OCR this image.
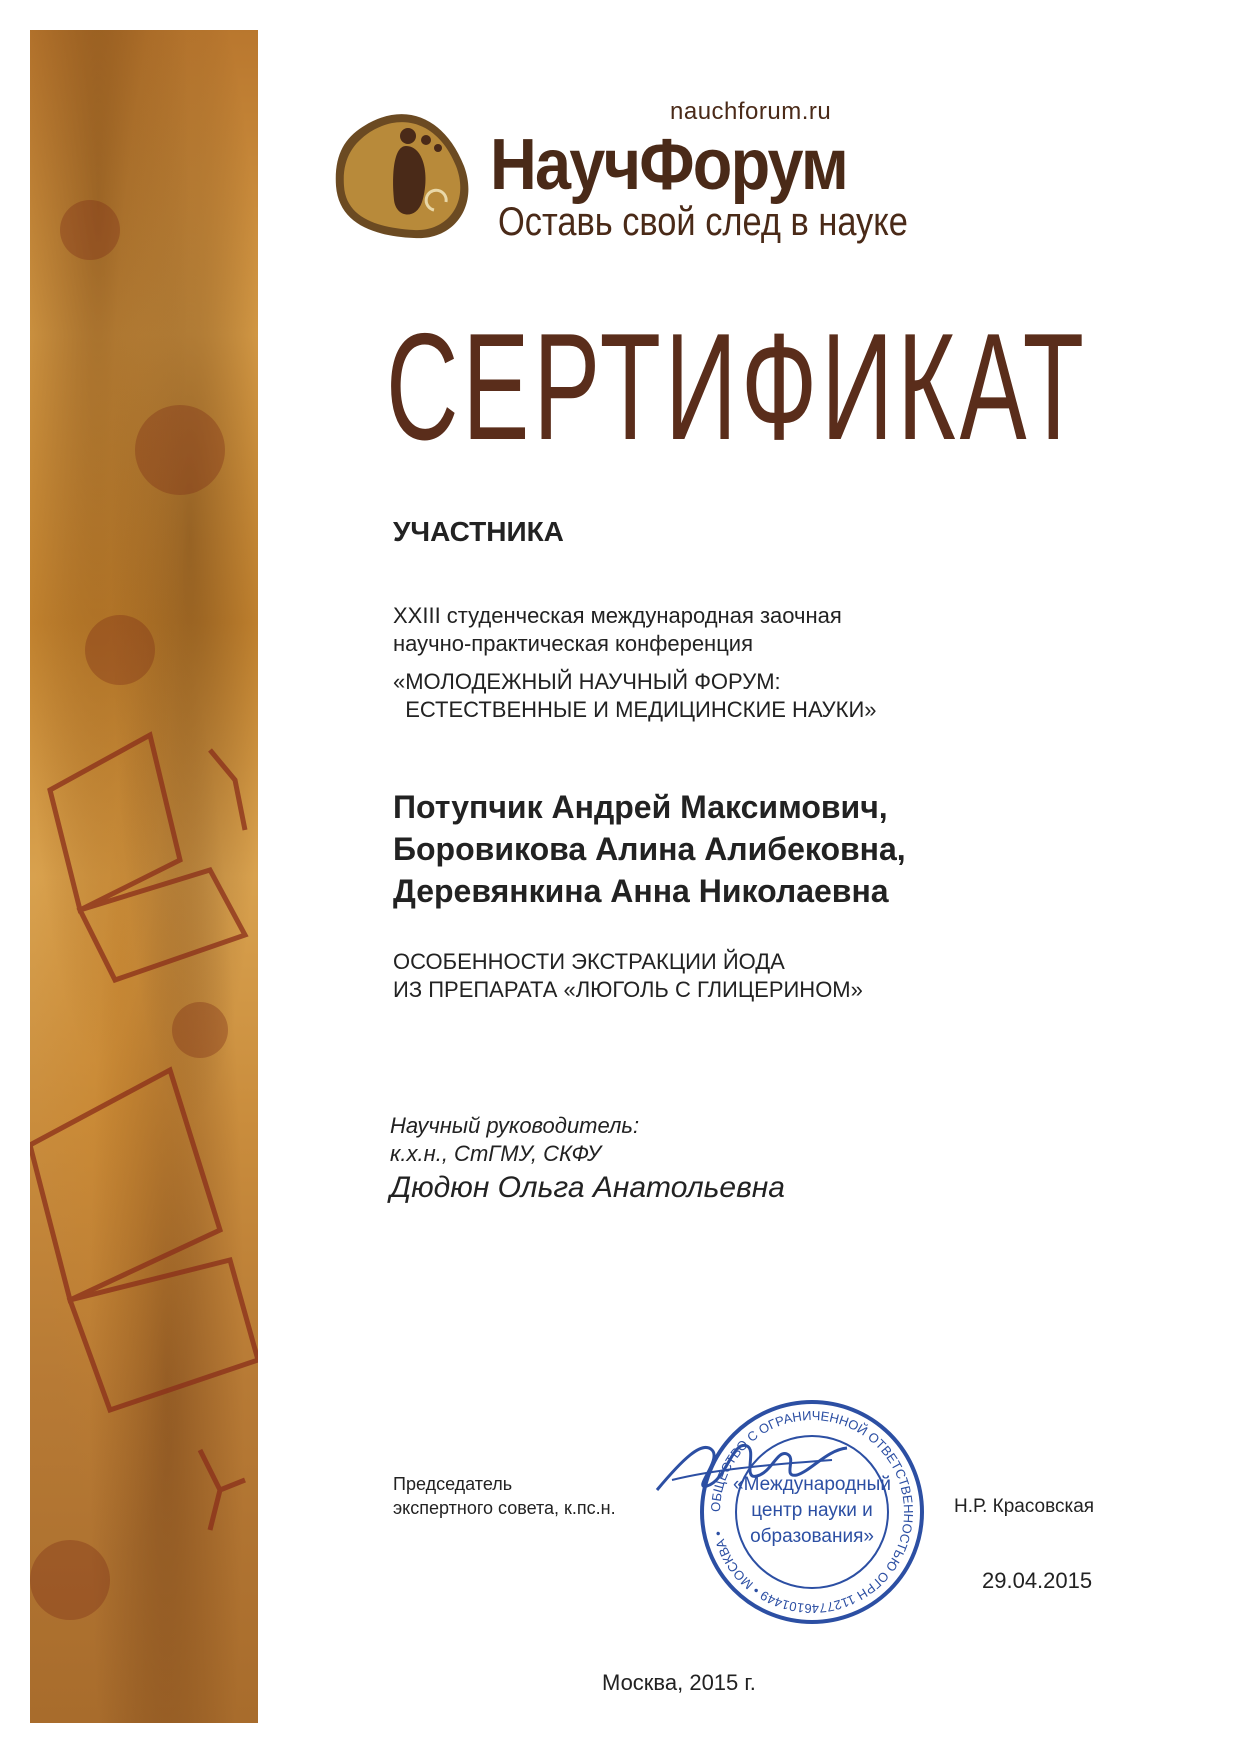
nauchforum.ru
НаучФорум
Оставь свой след в науке
СЕРТИФИКАТ
УЧАСТНИКА
XXIII студенческая международная заочная
научно-практическая конференция
«МОЛОДЕЖНЫЙ НАУЧНЫЙ ФОРУМ:
ЕСТЕСТВЕННЫЕ И МЕДИЦИНСКИЕ НАУКИ»
Потупчик Андрей Максимович,
Боровикова Алина Алибековна,
Деревянкина Анна Николаевна
ОСОБЕННОСТИ ЭКСТРАКЦИИ ЙОДА
ИЗ ПРЕПАРАТА «ЛЮГОЛЬ С ГЛИЦЕРИНОМ»
Научный руководитель:
к.х.н., СтГМУ, СКФУ
Дюдюн Ольга Анатольевна
Председатель
экспертного совета, к.пс.н.	ОБЩЕСТВО С ОГРАНИЧЕННОЙ ОТВЕТСТВЕННОСТЬЮ ОГРН 1127746101449 • МОСКВА •
«Международный
центр науки и
образования»
Н.Р. Красовская
29.04.2015
Москва, 2015 г.
